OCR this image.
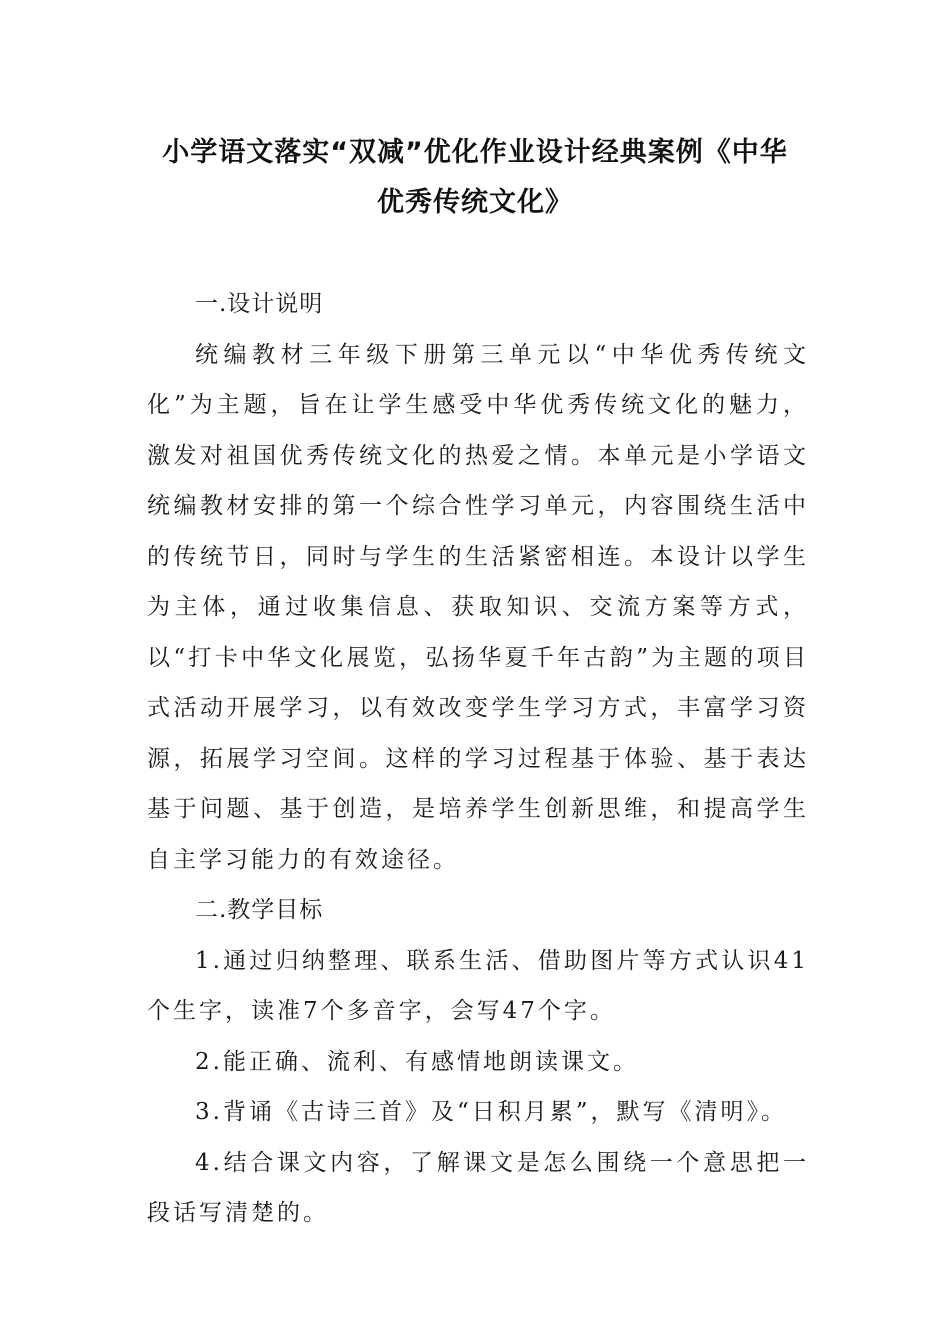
小学语文落实“双减”优化作业设计经典案例《中华
优秀传统文化》

一.设计说明

统编教材三年级下册第三单元以“中华优秀传统文化”为主题，旨在让学生感受中华优秀传统文化的魅力，激发对祖国优秀传统文化的热爱之情。本单元是小学语文统编教材安排的第一个综合性学习单元，内容围绕生活中的传统节日，同时与学生的生活紧密相连。本设计以学生为主体，通过收集信息、获取知识、交流方案等方式，以“打卡中华文化展览，弘扬华夏千年古韵”为主题的项目式活动开展学习，以有效改变学生学习方式，丰富学习资源，拓展学习空间。这样的学习过程基于体验、基于表达基于问题、基于创造，是培养学生创新思维，和提高学生自主学习能力的有效途径。

二.教学目标

1.通过归纳整理、联系生活、借助图片等方式认识41个生字，读准7个多音字，会写47个字。

2.能正确、流利、有感情地朗读课文。

3.背诵《古诗三首》及“日积月累”，默写《清明》。

4.结合课文内容，了解课文是怎么围绕一个意思把一段话写清楚的。
